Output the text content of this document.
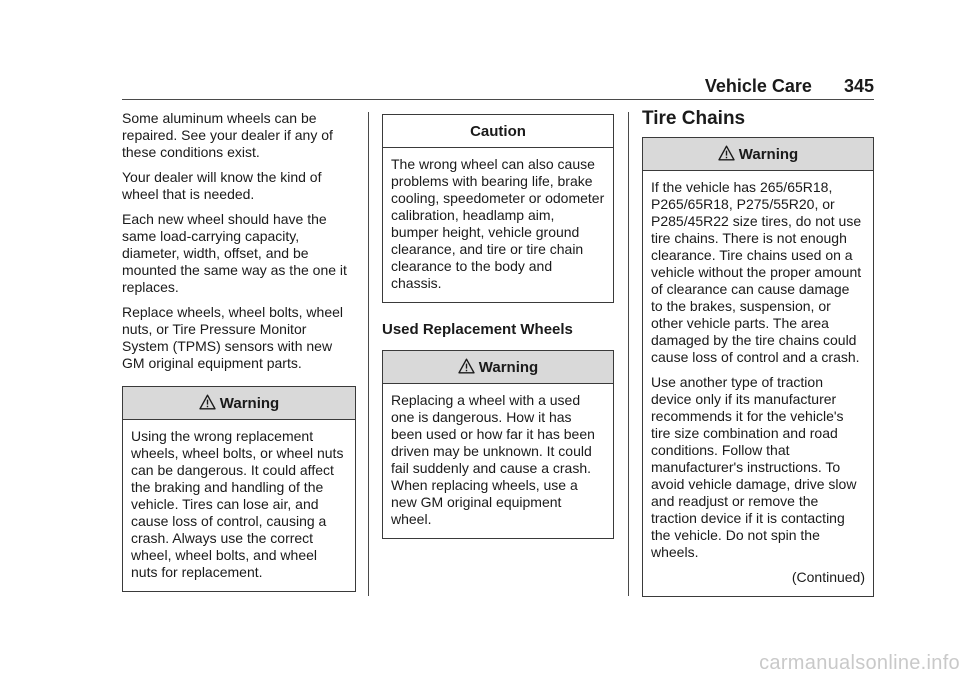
Vehicle Care 345

Some aluminum wheels can be repaired. See your dealer if any of these conditions exist.

Your dealer will know the kind of wheel that is needed.

Each new wheel should have the same load-carrying capacity, diameter, width, offset, and be mounted the same way as the one it replaces.

Replace wheels, wheel bolts, wheel nuts, or Tire Pressure Monitor System (TPMS) sensors with new GM original equipment parts.

Warning

Using the wrong replacement wheels, wheel bolts, or wheel nuts can be dangerous. It could affect the braking and handling of the vehicle. Tires can lose air, and cause loss of control, causing a crash. Always use the correct wheel, wheel bolts, and wheel nuts for replacement.

Caution

The wrong wheel can also cause problems with bearing life, brake cooling, speedometer or odometer calibration, headlamp aim, bumper height, vehicle ground clearance, and tire or tire chain clearance to the body and chassis.

Used Replacement Wheels
Warning

Replacing a wheel with a used one is dangerous. How it has been used or how far it has been driven may be unknown. It could fail suddenly and cause a crash. When replacing wheels, use a new GM original equipment wheel.

Tire Chains
Warning

If the vehicle has 265/65R18, P265/65R18, P275/55R20, or P285/45R22 size tires, do not use tire chains. There is not enough clearance. Tire chains used on a vehicle without the proper amount of clearance can cause damage to the brakes, suspension, or other vehicle parts. The area damaged by the tire chains could cause loss of control and a crash.

Use another type of traction device only if its manufacturer recommends it for the vehicle's tire size combination and road conditions. Follow that manufacturer's instructions. To avoid vehicle damage, drive slow and readjust or remove the traction device if it is contacting the vehicle. Do not spin the wheels.

(Continued)
carmanualsonline.info
